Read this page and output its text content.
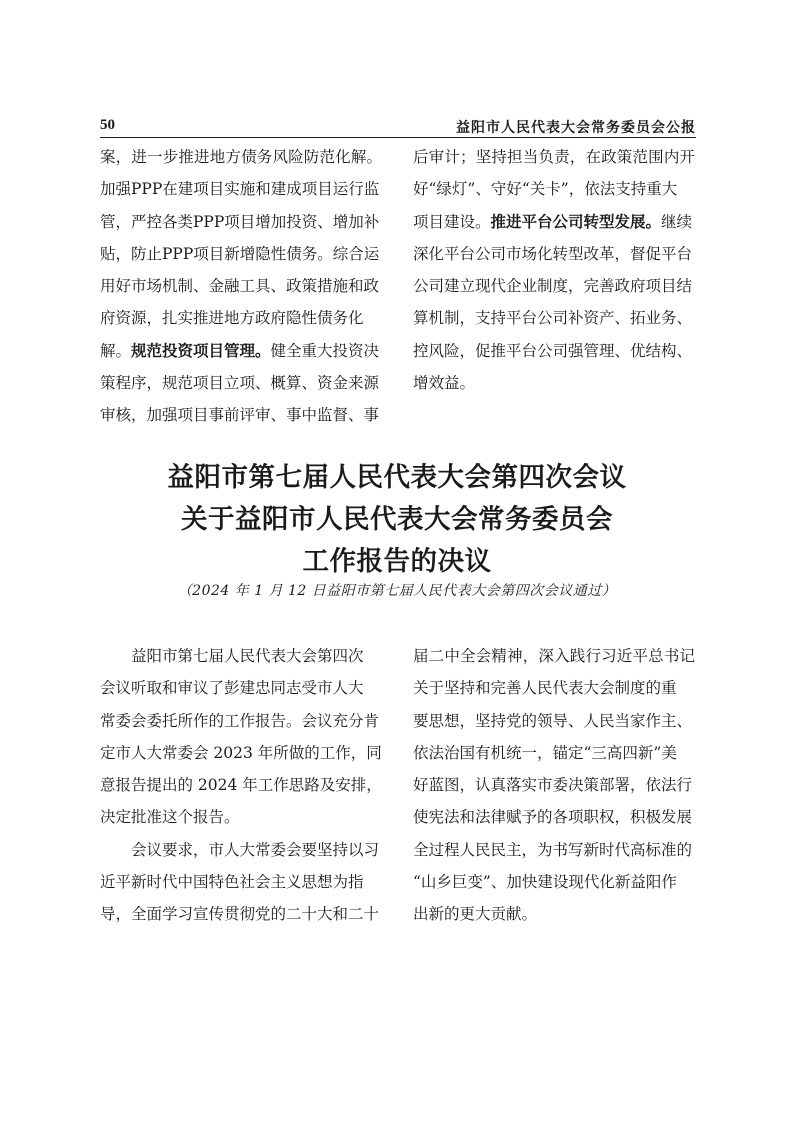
50	益阳市人民代表大会常务委员会公报
案，进一步推进地方债务风险防范化解。
加强PPP在建项目实施和建成项目运行监
管，严控各类PPP项目增加投资、增加补
贴，防止PPP项目新增隐性债务。综合运
用好市场机制、金融工具、政策措施和政
府资源，扎实推进地方政府隐性债务化
解。规范投资项目管理。健全重大投资决
策程序，规范项目立项、概算、资金来源
审核，加强项目事前评审、事中监督、事
后审计；坚持担当负责，在政策范围内开
好“绿灯”、守好“关卡”，依法支持重大
项目建设。推进平台公司转型发展。继续
深化平台公司市场化转型改革，督促平台
公司建立现代企业制度，完善政府项目结
算机制，支持平台公司补资产、拓业务、
控风险，促推平台公司强管理、优结构、
增效益。
益阳市第七届人民代表大会第四次会议
关于益阳市人民代表大会常务委员会
工作报告的决议
（2024 年 1 月 12 日益阳市第七届人民代表大会第四次会议通过）
　　益阳市第七届人民代表大会第四次
会议听取和审议了彭建忠同志受市人大
常委会委托所作的工作报告。会议充分肯
定市人大常委会 2023 年所做的工作，同
意报告提出的 2024 年工作思路及安排，
决定批准这个报告。
　　会议要求，市人大常委会要坚持以习
近平新时代中国特色社会主义思想为指
导，全面学习宣传贯彻党的二十大和二十
届二中全会精神，深入践行习近平总书记
关于坚持和完善人民代表大会制度的重
要思想，坚持党的领导、人民当家作主、
依法治国有机统一，锚定“三高四新”美
好蓝图，认真落实市委决策部署，依法行
使宪法和法律赋予的各项职权，积极发展
全过程人民民主，为书写新时代高标准的
“山乡巨变”、加快建设现代化新益阳作
出新的更大贡献。
